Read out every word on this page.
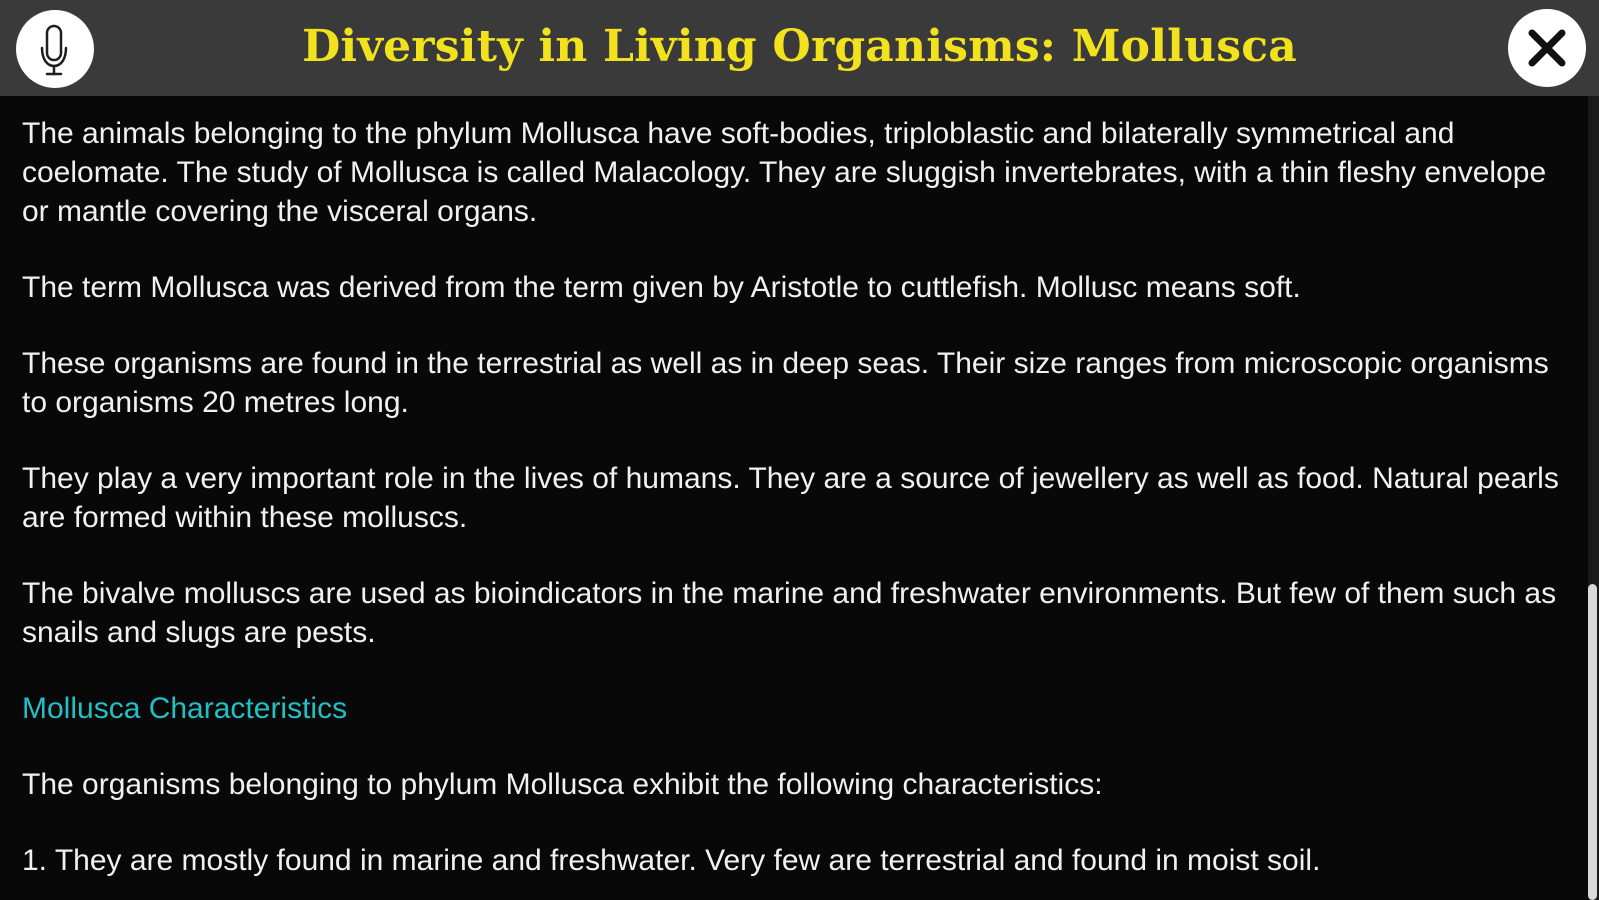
Diversity in Living Organisms: Mollusca

The animals belonging to the phylum Mollusca have soft-bodies, triploblastic and bilaterally symmetrical and coelomate. The study of Mollusca is called Malacology. They are sluggish invertebrates, with a thin fleshy envelope or mantle covering the visceral organs.

The term Mollusca was derived from the term given by Aristotle to cuttlefish. Mollusc means soft.

These organisms are found in the terrestrial as well as in deep seas. Their size ranges from microscopic organisms to organisms 20 metres long.

They play a very important role in the lives of humans. They are a source of jewellery as well as food. Natural pearls are formed within these molluscs.

The bivalve molluscs are used as bioindicators in the marine and freshwater environments. But few of them such as snails and slugs are pests.

Mollusca Characteristics

The organisms belonging to phylum Mollusca exhibit the following characteristics:

1. They are mostly found in marine and freshwater. Very few are terrestrial and found in moist soil.
